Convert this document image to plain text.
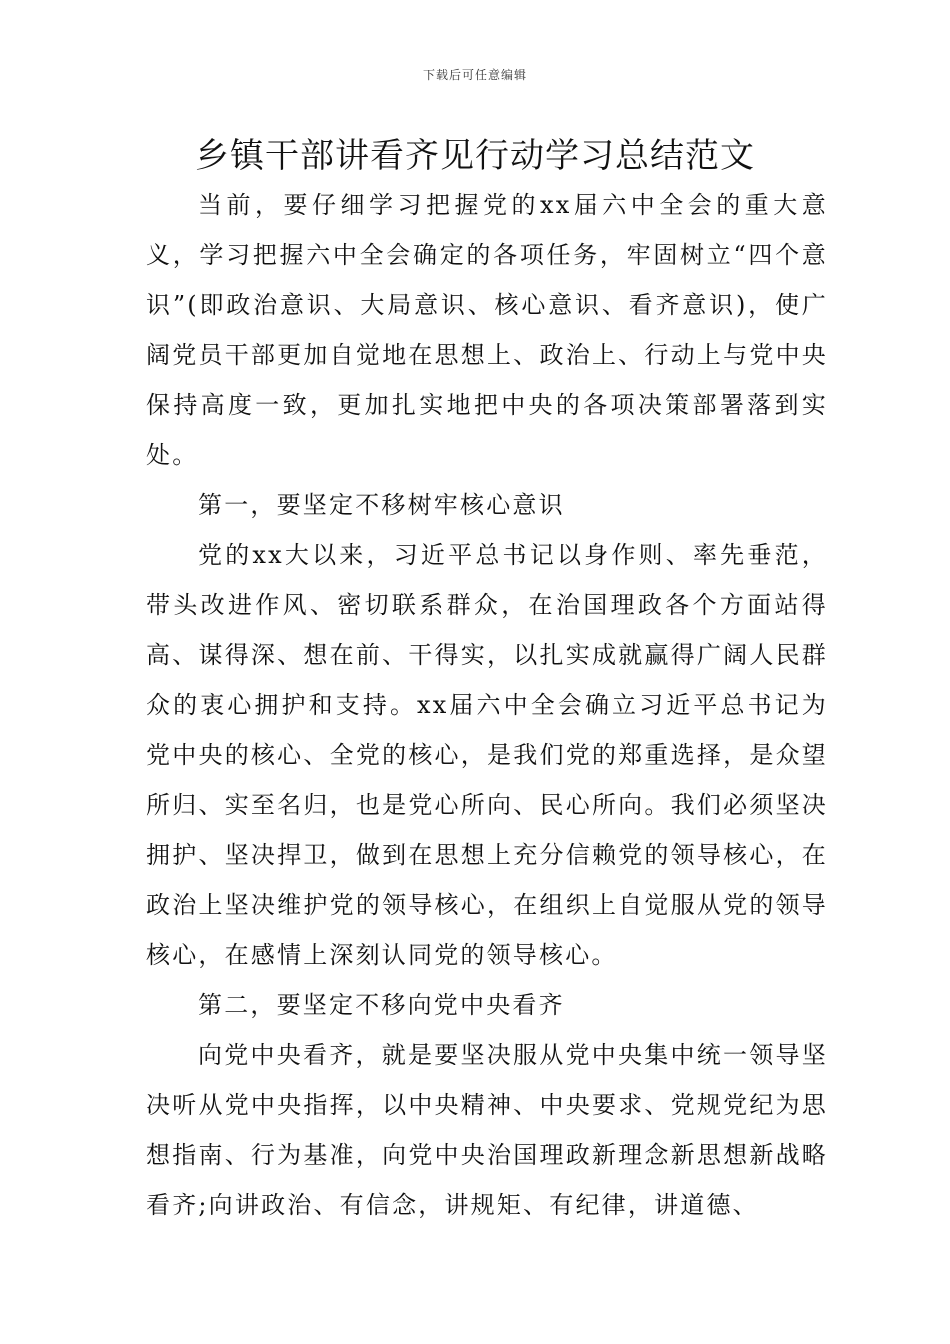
下载后可任意编辑
乡镇干部讲看齐见行动学习总结范文

当前，要仔细学习把握党的xx届六中全会的重大意义，学习把握六中全会确定的各项任务，牢固树立“四个意识”(即政治意识、大局意识、核心意识、看齐意识)，使广阔党员干部更加自觉地在思想上、政治上、行动上与党中央保持高度一致，更加扎实地把中央的各项决策部署落到实处。

第一，要坚定不移树牢核心意识

党的xx大以来，习近平总书记以身作则、率先垂范，带头改进作风、密切联系群众，在治国理政各个方面站得高、谋得深、想在前、干得实，以扎实成就赢得广阔人民群众的衷心拥护和支持。xx届六中全会确立习近平总书记为党中央的核心、全党的核心，是我们党的郑重选择，是众望所归、实至名归，也是党心所向、民心所向。我们必须坚决拥护、坚决捍卫，做到在思想上充分信赖党的领导核心，在政治上坚决维护党的领导核心，在组织上自觉服从党的领导核心，在感情上深刻认同党的领导核心。

第二，要坚定不移向党中央看齐

向党中央看齐，就是要坚决服从党中央集中统一领导坚决听从党中央指挥，以中央精神、中央要求、党规党纪为思想指南、行为基准，向党中央治国理政新理念新思想新战略看齐;向讲政治、有信念，讲规矩、有纪律，讲道德、
